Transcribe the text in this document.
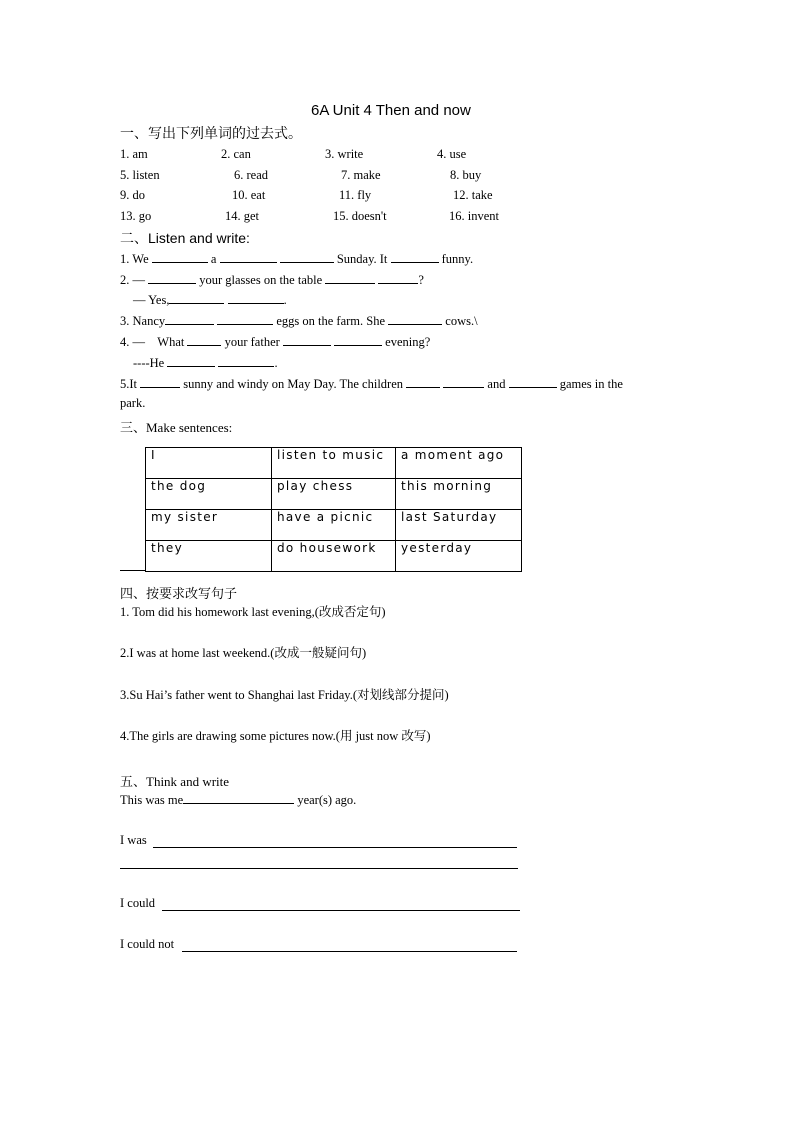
6A Unit 4 Then and now
一、写出下列单词的过去式。
1. am	2. can	3. write	4. use
5. listen	6. read	7. make	8. buy
9. do	10. eat	11. fly	12. take
13. go	14. get	15. doesn't	16. invent
二、Listen and write:
1. We	a	Sunday. It	funny.
2. —	your glasses on the table	?
— Yes,	.
3. Nancy	eggs on the farm. She	cows.\
4. —    What	your father	evening?
----He	.
5.It	sunny and windy on May Day. The children	and	games in the
park.
三、Make sentences:
I	listen to music	a moment ago
the dog	play chess	this morning
my sister	have a picnic	last Saturday
they	do housework	yesterday
四、按要求改写句子
1. Tom did his homework last evening,(改成否定句)
2.I was at home last weekend.(改成一般疑问句)
3.Su Hai’s father went to Shanghai last Friday.(对划线部分提问)
4.The girls are drawing some pictures now.(用 just now 改写)
五、Think and write
This was me	year(s) ago.
I was
I could
I could not
